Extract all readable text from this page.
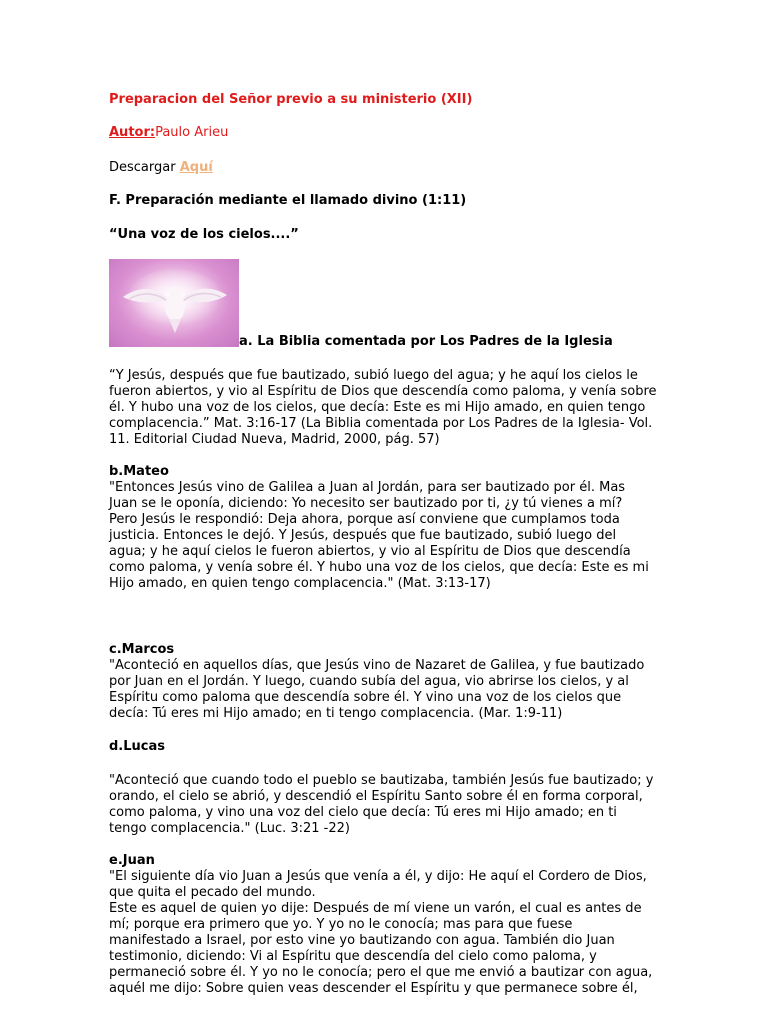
Preparacion del Señor previo a su ministerio (XII)
Autor:Paulo Arieu
Descargar Aquí
F. Preparación mediante el llamado divino (1:11)
“Una voz de los cielos....”
a. La Biblia comentada por Los Padres de la Iglesia
“Y Jesús, después que fue bautizado, subió luego del agua; y he aquí los cielos le
fueron abiertos, y vio al Espíritu de Dios que descendía como paloma, y venía sobre
él. Y hubo una voz de los cielos, que decía: Este es mi Hijo amado, en quien tengo
complacencia.” Mat. 3:16-17 (La Biblia comentada por Los Padres de la Iglesia- Vol.
11. Editorial Ciudad Nueva, Madrid, 2000, pág. 57)
b.Mateo
"Entonces Jesús vino de Galilea a Juan al Jordán, para ser bautizado por él. Mas
Juan se le oponía, diciendo: Yo necesito ser bautizado por ti, ¿y tú vienes a mí?
Pero Jesús le respondió: Deja ahora, porque así conviene que cumplamos toda
justicia. Entonces le dejó. Y Jesús, después que fue bautizado, subió luego del
agua; y he aquí cielos le fueron abiertos, y vio al Espíritu de Dios que descendía
como paloma, y venía sobre él. Y hubo una voz de los cielos, que decía: Este es mi
Hijo amado, en quien tengo complacencia." (Mat. 3:13-17)
c.Marcos
"Aconteció en aquellos días, que Jesús vino de Nazaret de Galilea, y fue bautizado
por Juan en el Jordán. Y luego, cuando subía del agua, vio abrirse los cielos, y al
Espíritu como paloma que descendía sobre él. Y vino una voz de los cielos que
decía: Tú eres mi Hijo amado; en ti tengo complacencia. (Mar. 1:9-11)
d.Lucas
"Aconteció que cuando todo el pueblo se bautizaba, también Jesús fue bautizado; y
orando, el cielo se abrió, y descendió el Espíritu Santo sobre él en forma corporal,
como paloma, y vino una voz del cielo que decía: Tú eres mi Hijo amado; en ti
tengo complacencia." (Luc. 3:21 -22)
e.Juan
"El siguiente día vio Juan a Jesús que venía a él, y dijo: He aquí el Cordero de Dios,
que quita el pecado del mundo.
Este es aquel de quien yo dije: Después de mí viene un varón, el cual es antes de
mí; porque era primero que yo. Y yo no le conocía; mas para que fuese
manifestado a Israel, por esto vine yo bautizando con agua. También dio Juan
testimonio, diciendo: Vi al Espíritu que descendía del cielo como paloma, y
permaneció sobre él. Y yo no le conocía; pero el que me envió a bautizar con agua,
aquél me dijo: Sobre quien veas descender el Espíritu y que permanece sobre él,
